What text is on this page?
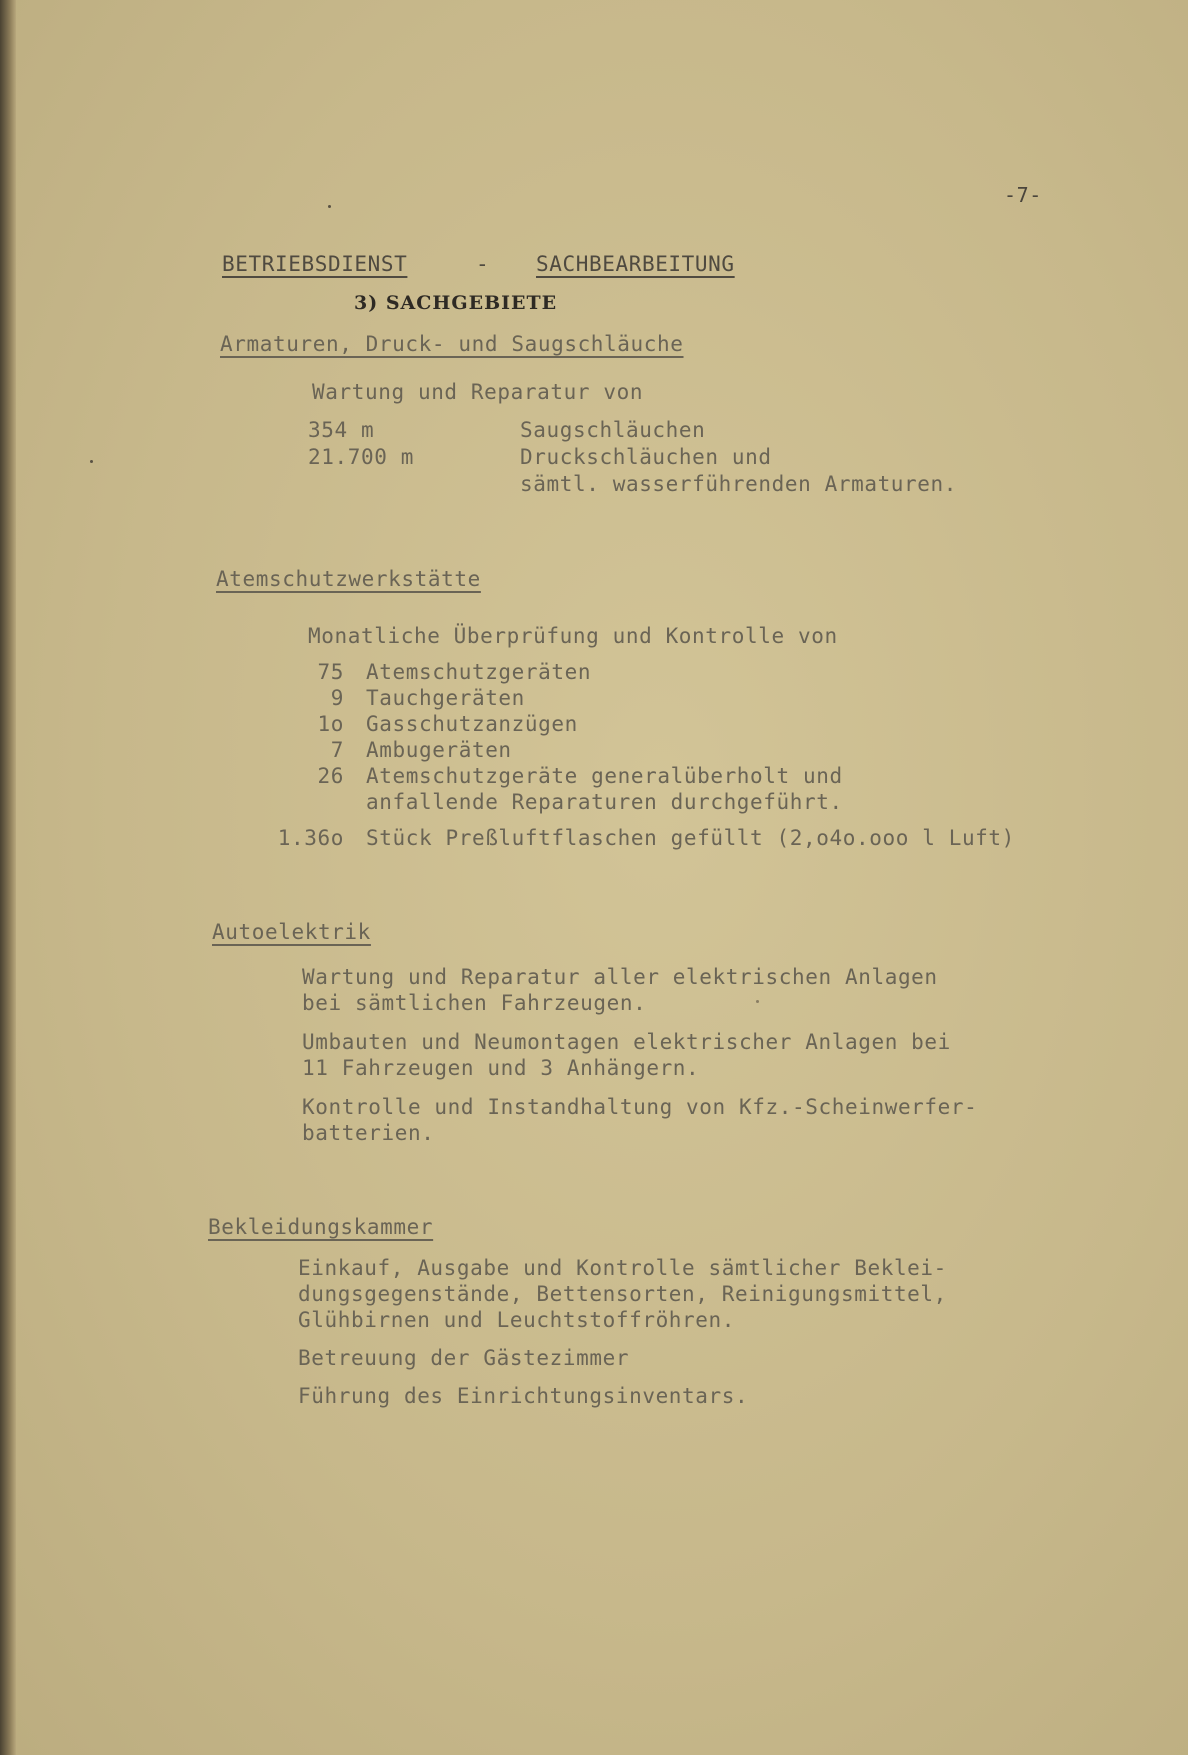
-7-
BETRIEBSDIENST	- SACHBEARBEITUNG
3) SACHGEBIETE
Armaturen, Druck- und Saugschläuche
Wartung und Reparatur von
354 m	Saugschläuchen
21.700 m	Druckschläuchen und
sämtl. wasserführenden Armaturen.
Atemschutzwerkstätte
Monatliche Überprüfung und Kontrolle von
75 Atemschutzgeräten
9 Tauchgeräten
1o Gasschutzanzügen
7 Ambugeräten
26 Atemschutzgeräte generalüberholt und
anfallende Reparaturen durchgeführt.
1.36o Stück Preßluftflaschen gefüllt (2,o4o.ooo l Luft)
Autoelektrik
Wartung und Reparatur aller elektrischen Anlagen
bei sämtlichen Fahrzeugen.
Umbauten und Neumontagen elektrischer Anlagen bei
11 Fahrzeugen und 3 Anhängern.
Kontrolle und Instandhaltung von Kfz.-Scheinwerfer-
batterien.
Bekleidungskammer
Einkauf, Ausgabe und Kontrolle sämtlicher Beklei-
dungsgegenstände, Bettensorten, Reinigungsmittel,
Glühbirnen und Leuchtstoffröhren.
Betreuung der Gästezimmer
Führung des Einrichtungsinventars.
